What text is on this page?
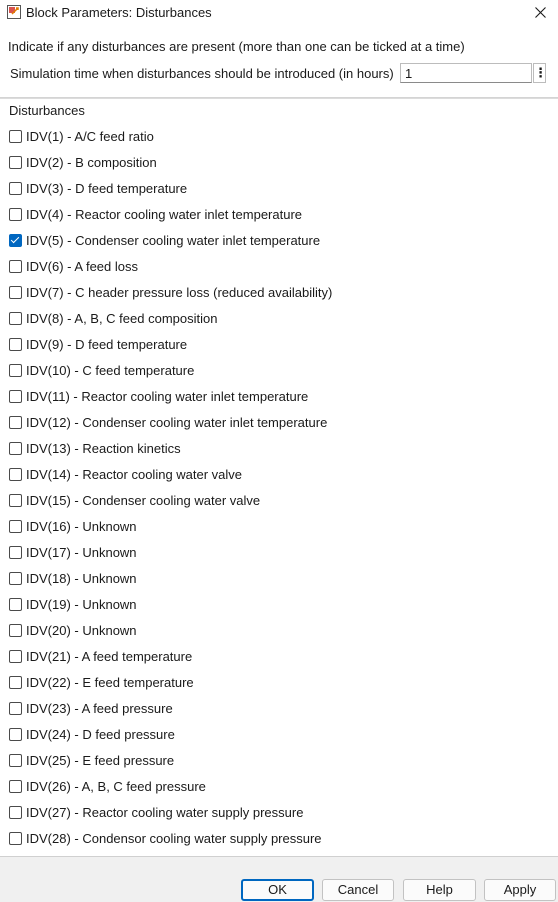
Block Parameters: Disturbances
Indicate if any disturbances are present (more than one can be ticked at a time)
Simulation time when disturbances should be introduced (in hours)
1	⋮
Disturbances
IDV(1) - A/C feed ratio
IDV(2) - B composition
IDV(3) - D feed temperature
IDV(4) - Reactor cooling water inlet temperature
IDV(5) - Condenser cooling water inlet temperature
IDV(6) - A feed loss
IDV(7) - C header pressure loss (reduced availability)
IDV(8) - A, B, C feed composition
IDV(9) - D feed temperature
IDV(10) - C feed temperature
IDV(11) - Reactor cooling water inlet temperature
IDV(12) - Condenser cooling water inlet temperature
IDV(13) - Reaction kinetics
IDV(14) - Reactor cooling water valve
IDV(15) - Condenser cooling water valve
IDV(16) - Unknown
IDV(17) - Unknown
IDV(18) - Unknown
IDV(19) - Unknown
IDV(20) - Unknown
IDV(21) - A feed temperature
IDV(22) - E feed temperature
IDV(23) - A feed pressure
IDV(24) - D feed pressure
IDV(25) - E feed pressure
IDV(26) - A, B, C feed pressure
IDV(27) - Reactor cooling water supply pressure
IDV(28) - Condensor cooling water supply pressure
OK	Cancel	Help	Apply
